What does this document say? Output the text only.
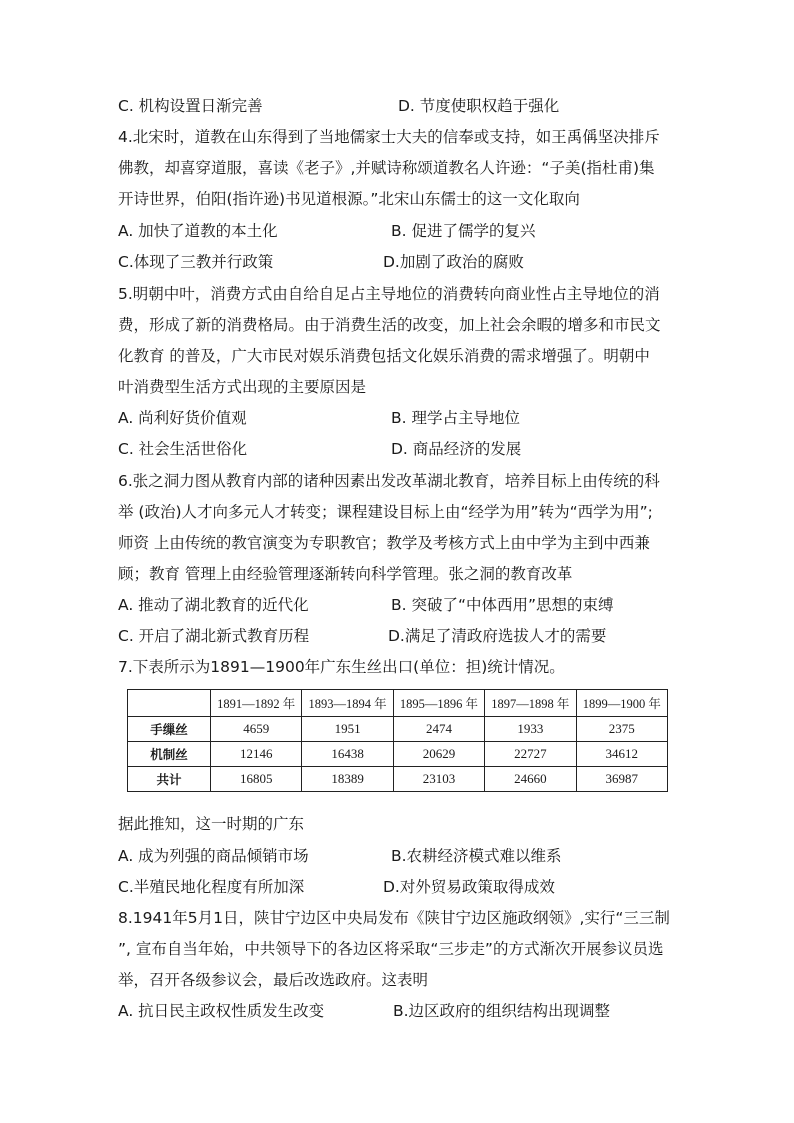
C. 机构设置日渐完善	D. 节度使职权趋于强化
4.北宋时，道教在山东得到了当地儒家士大夫的信奉或支持，如王禹偁坚决排斥
佛教，却喜穿道服，喜读《老子》,并赋诗称颂道教名人许逊：“子美(指杜甫)集
开诗世界，伯阳(指许逊)书见道根源。”北宋山东儒士的这一文化取向
A. 加快了道教的本土化	B. 促进了儒学的复兴
C.体现了三教并行政策	D.加剧了政治的腐败
5.明朝中叶，消费方式由自给自足占主导地位的消费转向商业性占主导地位的消
费，形成了新的消费格局。由于消费生活的改变，加上社会余暇的增多和市民文
化教育 的普及，广大市民对娱乐消费包括文化娱乐消费的需求增强了。明朝中
叶消费型生活方式出现的主要原因是
A. 尚利好货价值观	B. 理学占主导地位
C. 社会生活世俗化	D. 商品经济的发展
6.张之洞力图从教育内部的诸种因素出发改革湖北教育，培养目标上由传统的科
举 (政治)人才向多元人才转变；课程建设目标上由“经学为用”转为“西学为用”;
师资 上由传统的教官演变为专职教官；教学及考核方式上由中学为主到中西兼
顾；教育 管理上由经验管理逐渐转向科学管理。张之洞的教育改革
A. 推动了湖北教育的近代化	B. 突破了“中体西用”思想的束缚
C. 开启了湖北新式教育历程	D.满足了清政府选拔人才的需要
7.下表所示为1891—1900年广东生丝出口(单位：担)统计情况。
	1891—1892 年	1893—1894 年	1895—1896 年	1897—1898 年	1899—1900 年
手缫丝	4659	1951	2474	1933	2375
机制丝	12146	16438	20629	22727	34612
共计	16805	18389	23103	24660	36987
据此推知，这一时期的广东
A. 成为列强的商品倾销市场	B.农耕经济模式难以维系
C.半殖民地化程度有所加深	D.对外贸易政策取得成效
8.1941年5月1日，陕甘宁边区中央局发布《陕甘宁边区施政纲领》,实行“三三制
”, 宣布自当年始，中共领导下的各边区将采取“三步走”的方式渐次开展参议员选
举，召开各级参议会，最后改选政府。这表明
A. 抗日民主政权性质发生改变	B.边区政府的组织结构出现调整
